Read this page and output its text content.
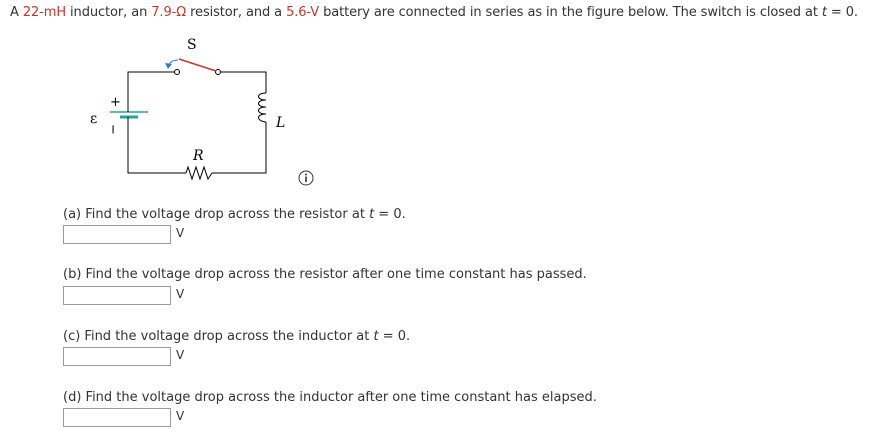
A 22-mH inductor, an 7.9-Ω resistor, and a 5.6-V battery are connected in series as in the figure below. The switch is closed at t = 0.
S
+
ε
−	L
R
(a) Find the voltage drop across the resistor at t = 0.
V
(b) Find the voltage drop across the resistor after one time constant has passed.
V
(c) Find the voltage drop across the inductor at t = 0.
V
(d) Find the voltage drop across the inductor after one time constant has elapsed.
V
